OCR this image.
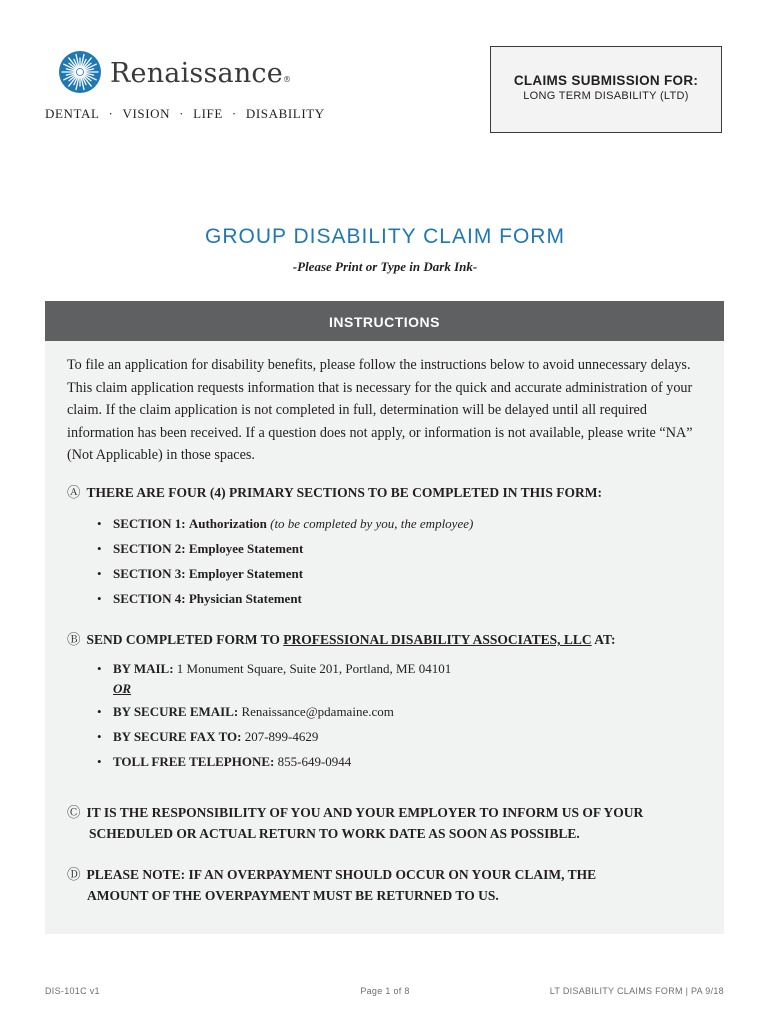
Renaissance®
DENTAL · VISION · LIFE · DISABILITY
CLAIMS SUBMISSION FOR:
LONG TERM DISABILITY (LTD)
GROUP DISABILITY CLAIM FORM
-Please Print or Type in Dark Ink-
INSTRUCTIONS

To file an application for disability benefits, please follow the instructions below to avoid unnecessary delays. This claim application requests information that is necessary for the quick and accurate administration of your claim. If the claim application is not completed in full, determination will be delayed until all required information has been received. If a question does not apply, or information is not available, please write “NA” (Not Applicable) in those spaces.

Ⓐ THERE ARE FOUR (4) PRIMARY SECTIONS TO BE COMPLETED IN THIS FORM:

• SECTION 1: Authorization (to be completed by you, the employee)
• SECTION 2: Employee Statement
• SECTION 3: Employer Statement
• SECTION 4: Physician Statement

Ⓑ SEND COMPLETED FORM TO PROFESSIONAL DISABILITY ASSOCIATES, LLC AT:

• BY MAIL: 1 Monument Square, Suite 201, Portland, ME 04101
OR
• BY SECURE EMAIL: Renaissance@pdamaine.com
• BY SECURE FAX TO: 207-899-4629
• TOLL FREE TELEPHONE: 855-649-0944

Ⓒ IT IS THE RESPONSIBILITY OF YOU AND YOUR EMPLOYER TO INFORM US OF YOUR
SCHEDULED OR ACTUAL RETURN TO WORK DATE AS SOON AS POSSIBLE.

Ⓓ PLEASE NOTE: IF AN OVERPAYMENT SHOULD OCCUR ON YOUR CLAIM, THE
AMOUNT OF THE OVERPAYMENT MUST BE RETURNED TO US.

DIS-101C v1	Page 1 of 8	LT DISABILITY CLAIMS FORM | PA 9/18
